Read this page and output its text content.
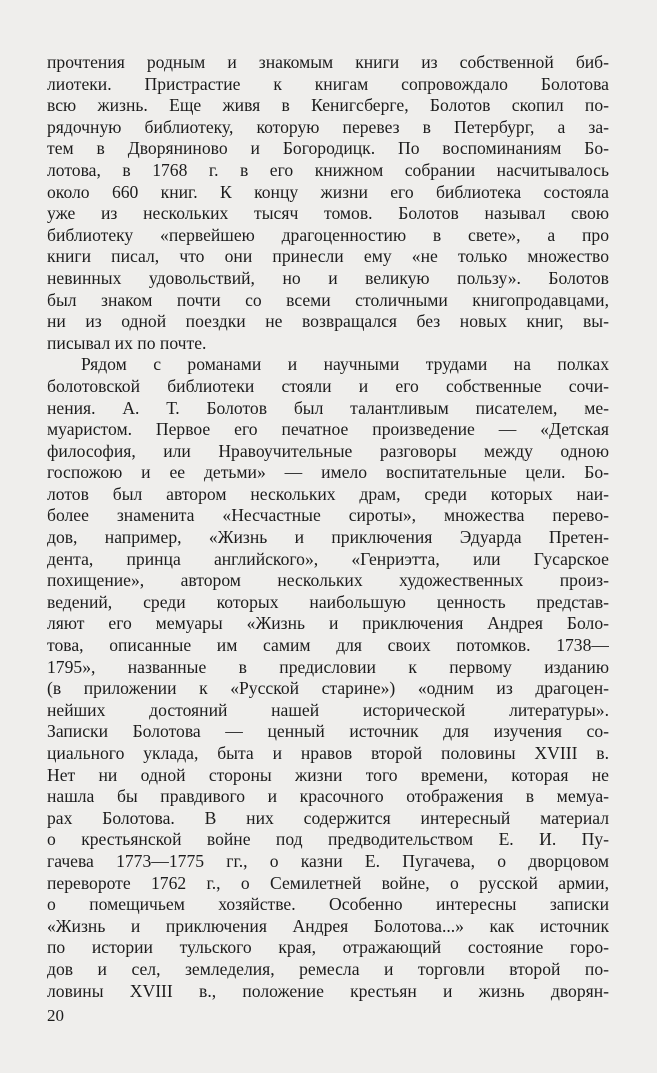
прочтения родным и знакомым книги из собственной биб-
лиотеки. Пристрастие к книгам сопровождало Болотова
всю жизнь. Еще живя в Кенигсберге, Болотов скопил по-
рядочную библиотеку, которую перевез в Петербург, а за-
тем в Дворяниново и Богородицк. По воспоминаниям Бо-
лотова, в 1768 г. в его книжном собрании насчитывалось
около 660 книг. К концу жизни его библиотека состояла
уже из нескольких тысяч томов. Болотов называл свою
библиотеку «первейшею драгоценностию в свете», а про
книги писал, что они принесли ему «не только множество
невинных удовольствий, но и великую пользу». Болотов
был знаком почти со всеми столичными книгопродавцами,
ни из одной поездки не возвращался без новых книг, вы-
писывал их по почте.
Рядом с романами и научными трудами на полках
болотовской библиотеки стояли и его собственные сочи-
нения. А. Т. Болотов был талантливым писателем, ме-
муаристом. Первое его печатное произведение — «Детская
философия, или Нравоучительные разговоры между одною
госпожою и ее детьми» — имело воспитательные цели. Бо-
лотов был автором нескольких драм, среди которых наи-
более знаменита «Несчастные сироты», множества перево-
дов, например, «Жизнь и приключения Эдуарда Претен-
дента, принца английского», «Генриэтта, или Гусарское
похищение», автором нескольких художественных произ-
ведений, среди которых наибольшую ценность представ-
ляют его мемуары «Жизнь и приключения Андрея Боло-
това, описанные им самим для своих потомков. 1738—
1795», названные в предисловии к первому изданию
(в приложении к «Русской старине») «одним из драгоцен-
нейших достояний нашей исторической литературы».
Записки Болотова — ценный источник для изучения со-
циального уклада, быта и нравов второй половины XVIII в.
Нет ни одной стороны жизни того времени, которая не
нашла бы правдивого и красочного отображения в мемуа-
рах Болотова. В них содержится интересный материал
о крестьянской войне под предводительством Е. И. Пу-
гачева 1773—1775 гг., о казни Е. Пугачева, о дворцовом
перевороте 1762 г., о Семилетней войне, о русской армии,
о помещичьем хозяйстве. Особенно интересны записки
«Жизнь и приключения Андрея Болотова...» как источник
по истории тульского края, отражающий состояние горо-
дов и сел, земледелия, ремесла и торговли второй по-
ловины XVIII в., положение крестьян и жизнь дворян-
20
